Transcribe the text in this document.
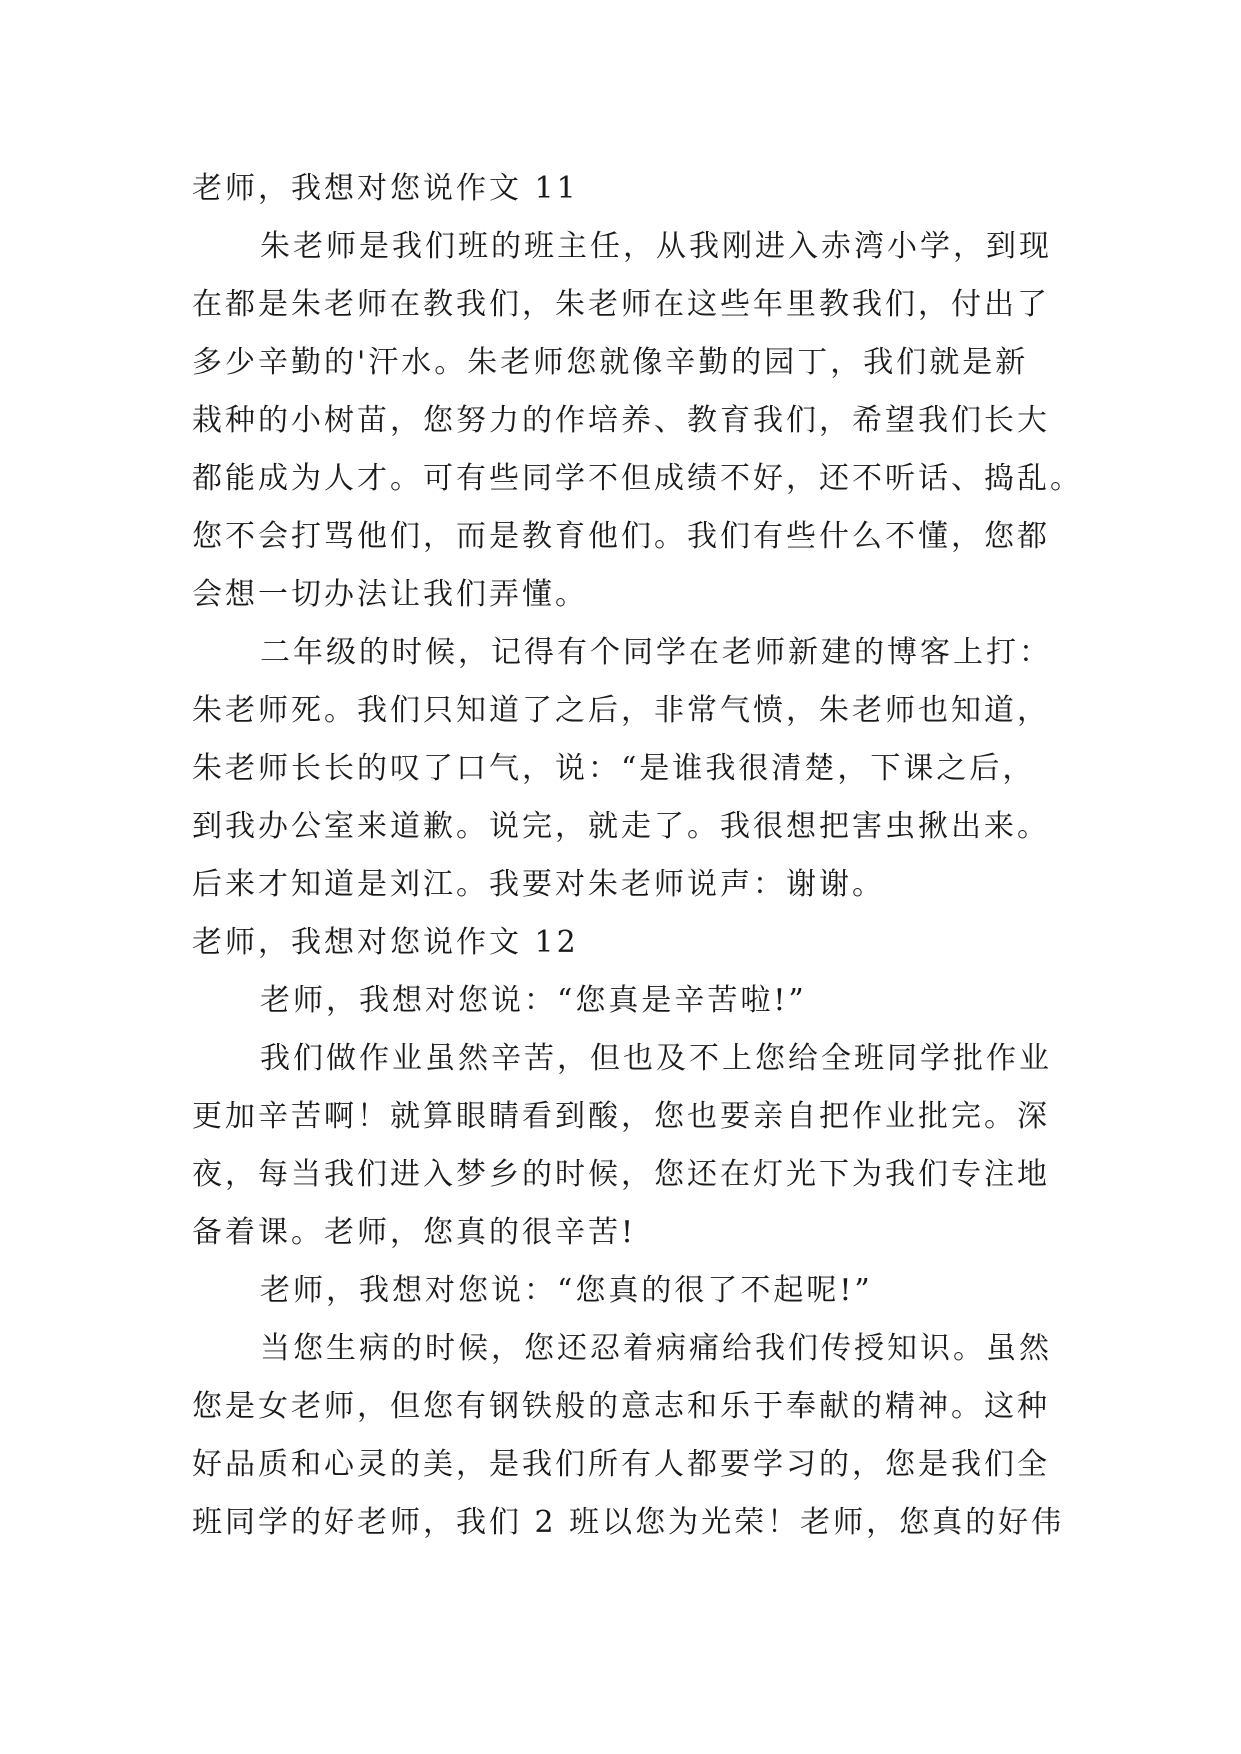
老师，我想对您说作文 11

朱老师是我们班的班主任，从我刚进入赤湾小学，到现
在都是朱老师在教我们，朱老师在这些年里教我们，付出了
多少辛勤的'汗水。朱老师您就像辛勤的园丁，我们就是新
栽种的小树苗，您努力的作培养、教育我们，希望我们长大
都能成为人才。可有些同学不但成绩不好，还不听话、捣乱。
您不会打骂他们，而是教育他们。我们有些什么不懂，您都
会想一切办法让我们弄懂。

二年级的时候，记得有个同学在老师新建的博客上打：
朱老师死。我们只知道了之后，非常气愤，朱老师也知道，
朱老师长长的叹了口气，说：“是谁我很清楚，下课之后，
到我办公室来道歉。说完，就走了。我很想把害虫揪出来。
后来才知道是刘江。我要对朱老师说声：谢谢。

老师，我想对您说作文 12

老师，我想对您说：“您真是辛苦啦!”

我们做作业虽然辛苦，但也及不上您给全班同学批作业
更加辛苦啊！就算眼睛看到酸，您也要亲自把作业批完。深
夜，每当我们进入梦乡的时候，您还在灯光下为我们专注地
备着课。老师，您真的很辛苦!

老师，我想对您说：“您真的很了不起呢!”

当您生病的时候，您还忍着病痛给我们传授知识。虽然
您是女老师，但您有钢铁般的意志和乐于奉献的精神。这种
好品质和心灵的美，是我们所有人都要学习的，您是我们全
班同学的好老师，我们 2 班以您为光荣！老师，您真的好伟
